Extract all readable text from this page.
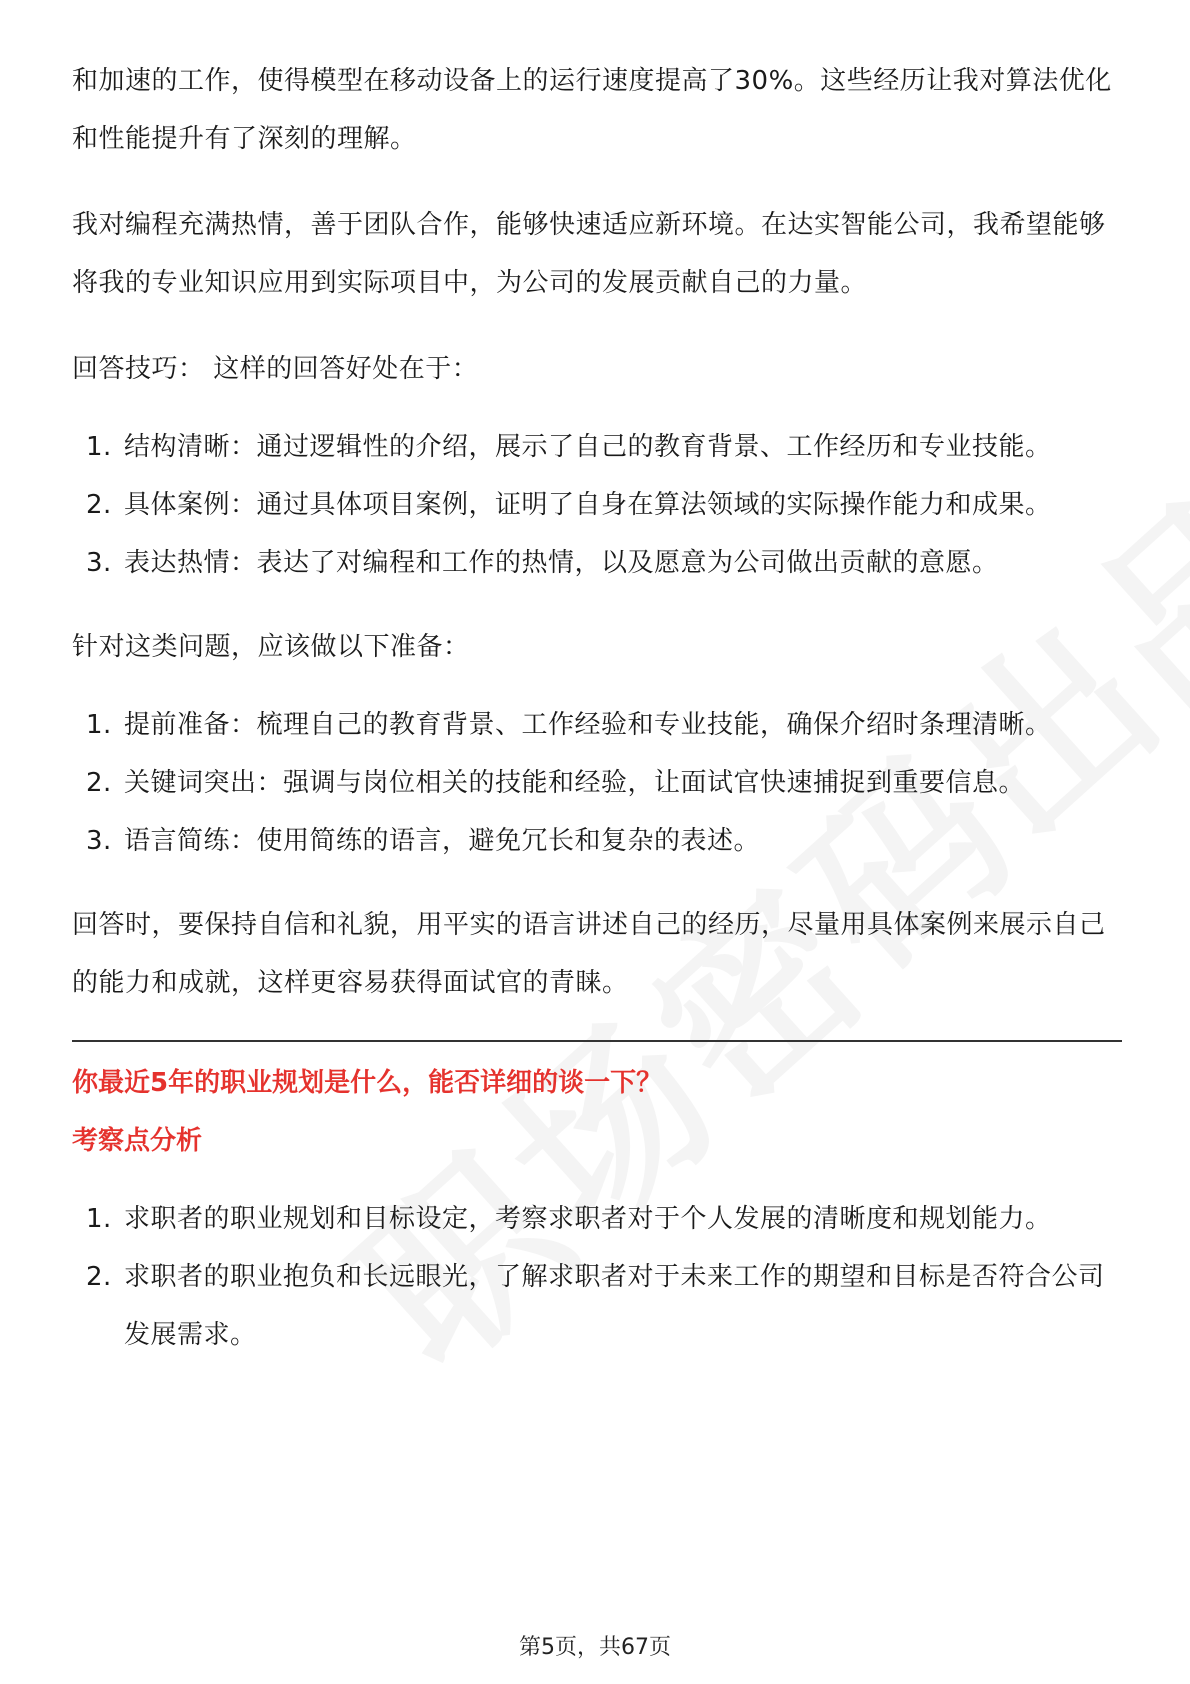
和加速的工作，使得模型在移动设备上的运行速度提高了30%。这些经历让我对算法优化和性能提升有了深刻的理解。

我对编程充满热情，善于团队合作，能够快速适应新环境。在达实智能公司，我希望能够将我的专业知识应用到实际项目中，为公司的发展贡献自己的力量。

回答技巧： 这样的回答好处在于：

1. 结构清晰：通过逻辑性的介绍，展示了自己的教育背景、工作经历和专业技能。
2. 具体案例：通过具体项目案例，证明了自身在算法领域的实际操作能力和成果。
3. 表达热情：表达了对编程和工作的热情，以及愿意为公司做出贡献的意愿。

针对这类问题，应该做以下准备：

1. 提前准备：梳理自己的教育背景、工作经验和专业技能，确保介绍时条理清晰。
2. 关键词突出：强调与岗位相关的技能和经验，让面试官快速捕捉到重要信息。
3. 语言简练：使用简练的语言，避免冗长和复杂的表述。

回答时，要保持自信和礼貌，用平实的语言讲述自己的经历，尽量用具体案例来展示自己的能力和成就，这样更容易获得面试官的青睐。

你最近5年的职业规划是什么，能否详细的谈一下？

考察点分析

1. 求职者的职业规划和目标设定，考察求职者对于个人发展的清晰度和规划能力。
2. 求职者的职业抱负和长远眼光，了解求职者对于未来工作的期望和目标是否符合公司发展需求。
第5页，共67页
